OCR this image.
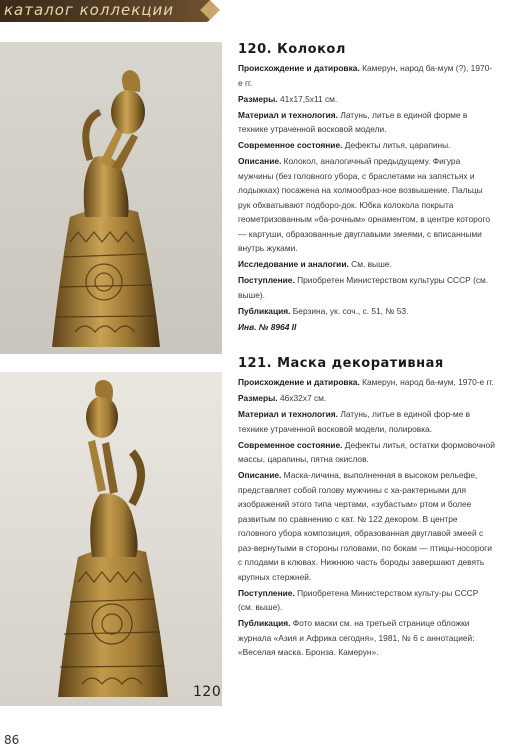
каталог коллекции
120
86
120. Колокол

Происхождение и датировка. Камерун, народ ба-мум (?), 1970-е гг.

Размеры. 41x17,5x11 см.

Материал и технология. Латунь, литье в единой форме в технике утраченной восковой модели.

Современное состояние. Дефекты литья, царапины.

Описание. Колокол, аналогичный предыдущему. Фигура мужчины (без головного убора, с браслетами на запястьях и лодыжках) посажена на холмообраз-ное возвышение. Пальцы рук обхватывают подборо-док. Юбка колокола покрыта геометризованным «ба-рочным» орнаментом, в центре которого — картуши, образованные двуглавыми змеями, с вписанными внутрь жуками.

Исследование и аналогии. См. выше.

Поступление. Приобретен Министерством культуры СССР (см. выше).

Публикация. Берзина, ук. соч., с. 51, № 53.

Инв. № 8964 II

121. Маска декоративная

Происхождение и датировка. Камерун, народ ба-мум, 1970-е гг.

Размеры. 46x32x7 см.

Материал и технология. Латунь, литье в единой фор-ме в технике утраченной восковой модели, полировка.

Современное состояние. Дефекты литья, остатки формовочной массы, царапины, пятна окислов.

Описание. Маска-личина, выполненная в высоком рельефе, представляет собой голову мужчины с ха-рактерными для изображений этого типа чертами, «зубастым» ртом и более развитым по сравнению с кат. № 122 декором. В центре головного убора композиция, образованная двуглавой змеей с раз-вернутыми в стороны головами, по бокам — птицы-носороги с плодами в клювах. Нижнюю часть бороды завершают девять крупных стержней.

Поступление. Приобретена Министерством культу-ры СССР (см. выше).

Публикация. Фото маски см. на третьей странице обложки журнала «Азия и Африка сегодня», 1981, № 6 с аннотацией: «Веселая маска. Бронза. Камерун».
